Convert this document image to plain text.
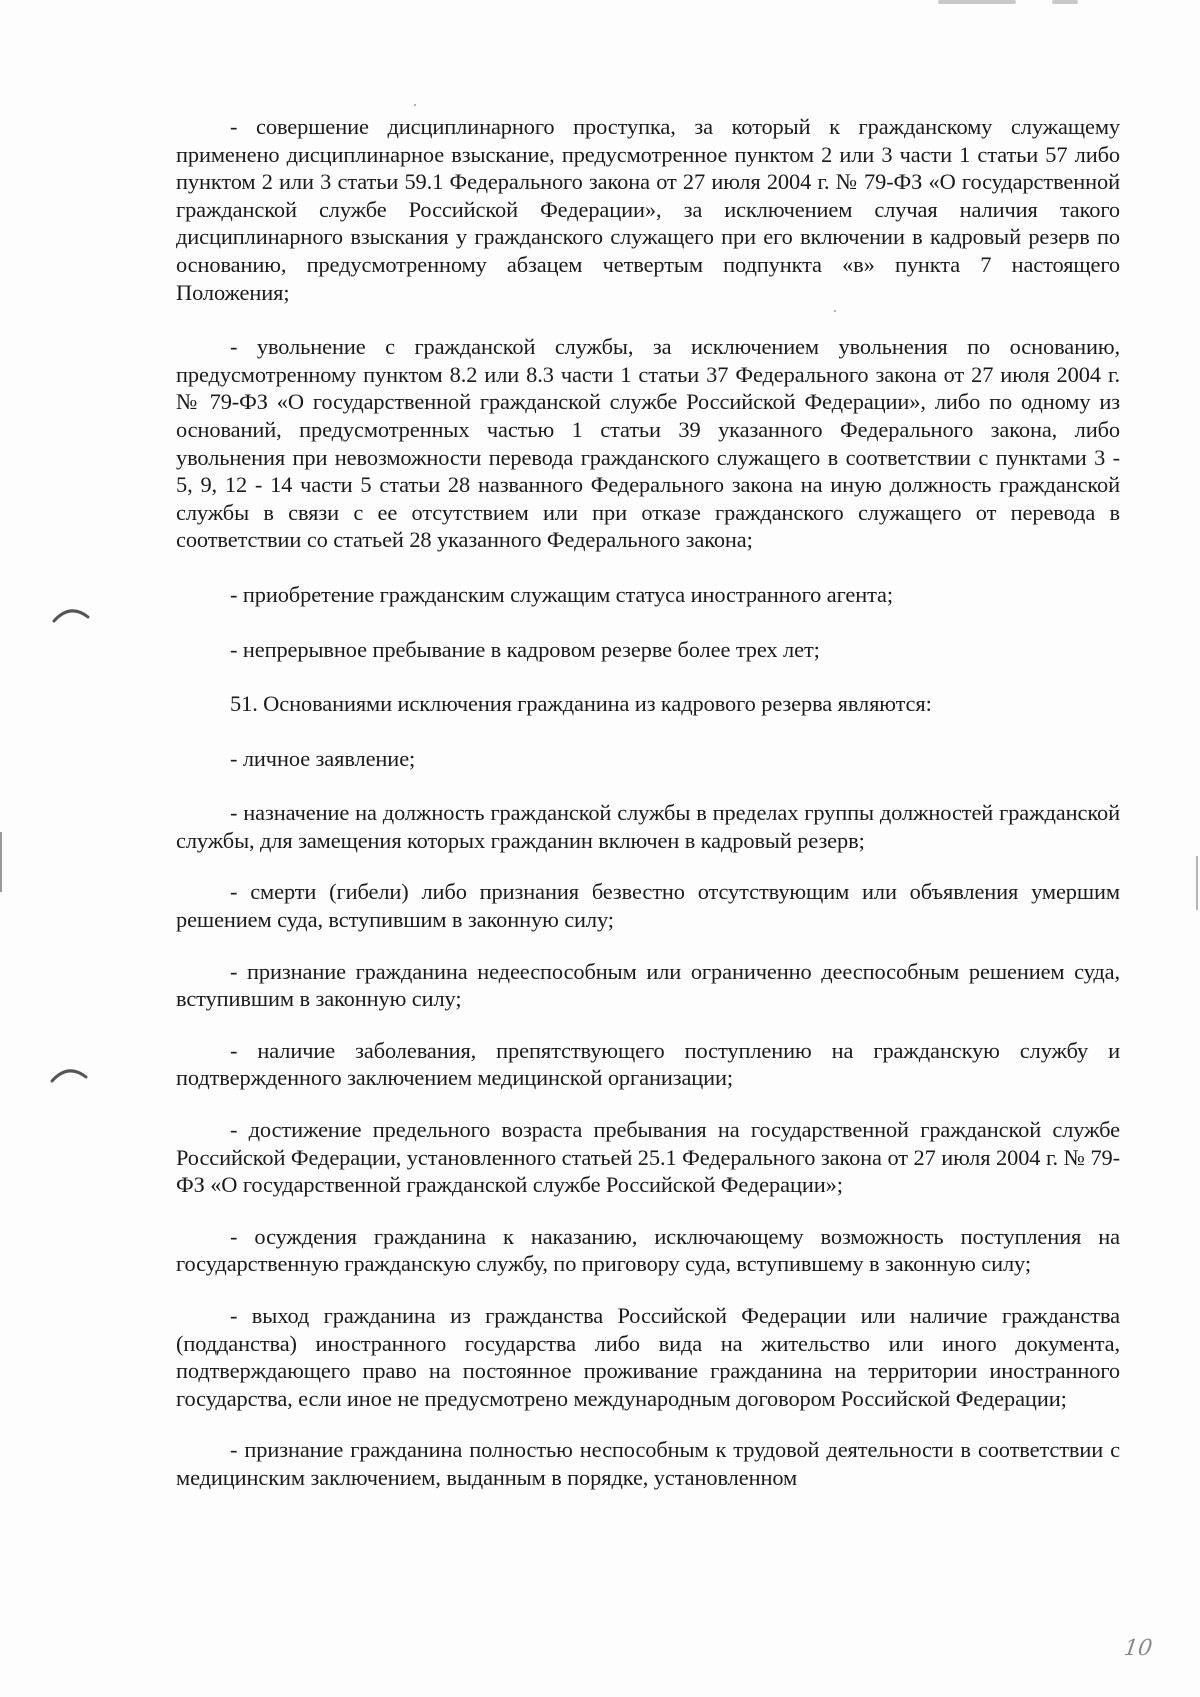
- совершение дисциплинарного проступка, за который к гражданскому служащему применено дисциплинарное взыскание, предусмотренное пунктом 2 или 3 части 1 статьи 57 либо пунктом 2 или 3 статьи 59.1 Федерального закона от 27 июля 2004 г. № 79-ФЗ «О государственной гражданской службе Российской Федерации», за исключением случая наличия такого дисциплинарного взыскания у гражданского служащего при его включении в кадровый резерв по основанию, предусмотренному абзацем четвертым подпункта «в» пункта 7 настоящего Положения;

- увольнение с гражданской службы, за исключением увольнения по основанию, предусмотренному пунктом 8.2 или 8.3 части 1 статьи 37 Федерального закона от 27 июля 2004 г. № 79-ФЗ «О государственной гражданской службе Российской Федерации», либо по одному из оснований, предусмотренных частью 1 статьи 39 указанного Федерального закона, либо увольнения при невозможности перевода гражданского служащего в соответствии с пунктами 3 - 5, 9, 12 - 14 части 5 статьи 28 названного Федерального закона на иную должность гражданской службы в связи с ее отсутствием или при отказе гражданского служащего от перевода в соответствии со статьей 28 указанного Федерального закона;

- приобретение гражданским служащим статуса иностранного агента;

- непрерывное пребывание в кадровом резерве более трех лет;

51. Основаниями исключения гражданина из кадрового резерва являются:

- личное заявление;

- назначение на должность гражданской службы в пределах группы должностей гражданской службы, для замещения которых гражданин включен в кадровый резерв;

- смерти (гибели) либо признания безвестно отсутствующим или объявления умершим решением суда, вступившим в законную силу;

- признание гражданина недееспособным или ограниченно дееспособным решением суда, вступившим в законную силу;

- наличие заболевания, препятствующего поступлению на гражданскую службу и подтвержденного заключением медицинской организации;

- достижение предельного возраста пребывания на государственной гражданской службе Российской Федерации, установленного статьей 25.1 Федерального закона от 27 июля 2004 г. № 79-ФЗ «О государственной гражданской службе Российской Федерации»;

- осуждения гражданина к наказанию, исключающему возможность поступления на государственную гражданскую службу, по приговору суда, вступившему в законную силу;

- выход гражданина из гражданства Российской Федерации или наличие гражданства (подданства) иностранного государства либо вида на жительство или иного документа, подтверждающего право на постоянное проживание гражданина на территории иностранного государства, если иное не предусмотрено международным договором Российской Федерации;

- признание гражданина полностью неспособным к трудовой деятельности в соответствии с медицинским заключением, выданным в порядке, установленном

10
